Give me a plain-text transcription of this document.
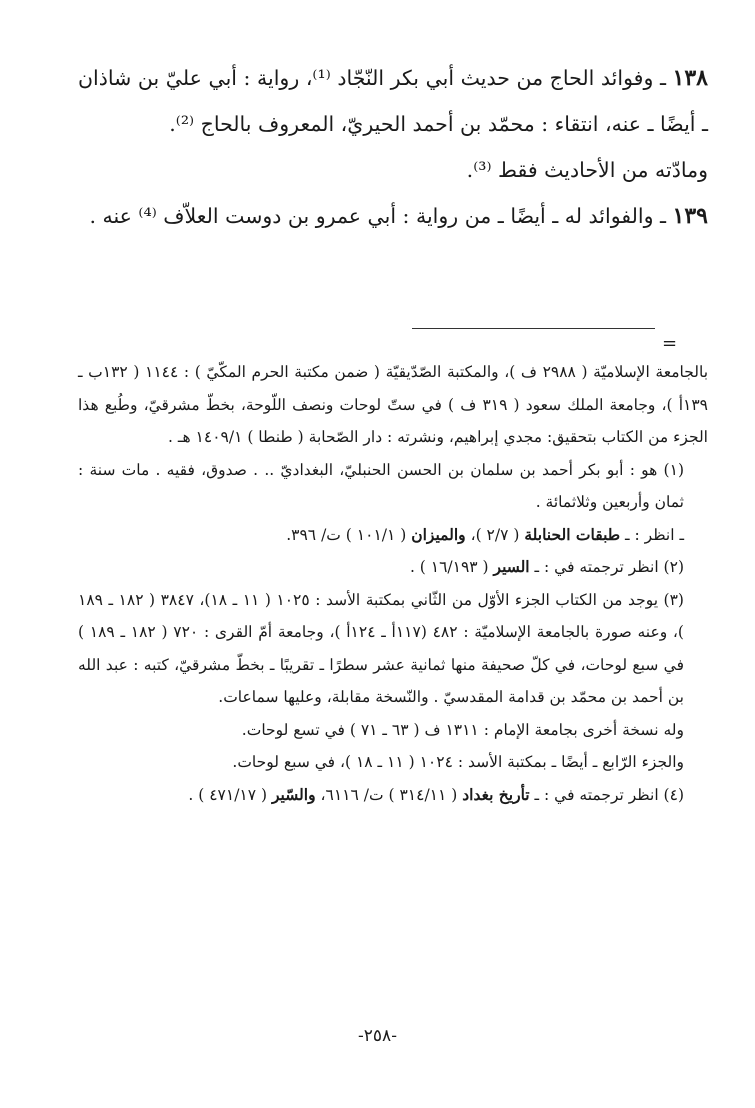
١٣٨ ـ وفوائد الحاج من حديث أبي بكر النّجّاد ⁽¹⁾، رواية : أبي عليّ بن شاذان ـ أيضًا ـ عنه، انتقاء : محمّد بن أحمد الحيريّ، المعروف بالحاج ⁽²⁾.

ومادّته من الأحاديث فقط ⁽³⁾.

١٣٩ ـ والفوائد له ـ أيضًا ـ من رواية : أبي عمرو بن دوست العلاّف ⁽⁴⁾ عنه .

=

بالجامعة الإسلاميّة ( ٢٩٨٨ ف )، والمكتبة الصّدّيقيّة ( ضمن مكتبة الحرم المكّيّ ) : ١١٤٤ ( ١٣٢ب ـ ١٣٩أ )، وجامعة الملك سعود ( ٣١٩ ف ) في ستّ لوحات ونصف اللّوحة، بخطّ مشرقيّ، وطُبع هذا الجزء من الكتاب بتحقيق: مجدي إبراهيم، ونشرته : دار الصّحابة ( طنطا ) ١٤٠٩/١ هـ .

(١) هو : أبو بكر أحمد بن سلمان بن الحسن الحنبليّ، البغداديّ .. . صدوق، فقيه . مات سنة : ثمان وأربعين وثلاثمائة .

ـ انظر : ـ طبقات الحنابلة ( ٢/٧ )، والميزان ( ١٠١/١ ) ت/ ٣٩٦.

(٢) انظر ترجمته في : ـ السير ( ١٦/١٩٣ ) .

(٣) يوجد من الكتاب الجزء الأوّل من الثّاني بمكتبة الأسد : ١٠٢٥ ( ١١ ـ ١٨)، ٣٨٤٧ ( ١٨٢ ـ ١٨٩ )، وعنه صورة بالجامعة الإسلاميّة : ٤٨٢ (١١٧أ ـ ١٢٤أ )، وجامعة أمّ القرى : ٧٢٠ ( ١٨٢ ـ ١٨٩ ) في سبع لوحات، في كلّ صحيفة منها ثمانية عشر سطرًا ـ تقريبًا ـ بخطّ مشرقيّ، كتبه : عبد الله بن أحمد بن محمّد بن قدامة المقدسيّ . والنّسخة مقابلة، وعليها سماعات.

وله نسخة أخرى بجامعة الإمام : ١٣١١ ف ( ٦٣ ـ ٧١ ) في تسع لوحات.

والجزء الرّابع ـ أيضًا ـ بمكتبة الأسد : ١٠٢٤ ( ١١ ـ ١٨ )، في سبع لوحات.

(٤) انظر ترجمته في : ـ تأريخ بغداد ( ٣١٤/١١ ) ت/ ٦١١٦، والسّير ( ٤٧١/١٧ ) .

-٢٥٨-
